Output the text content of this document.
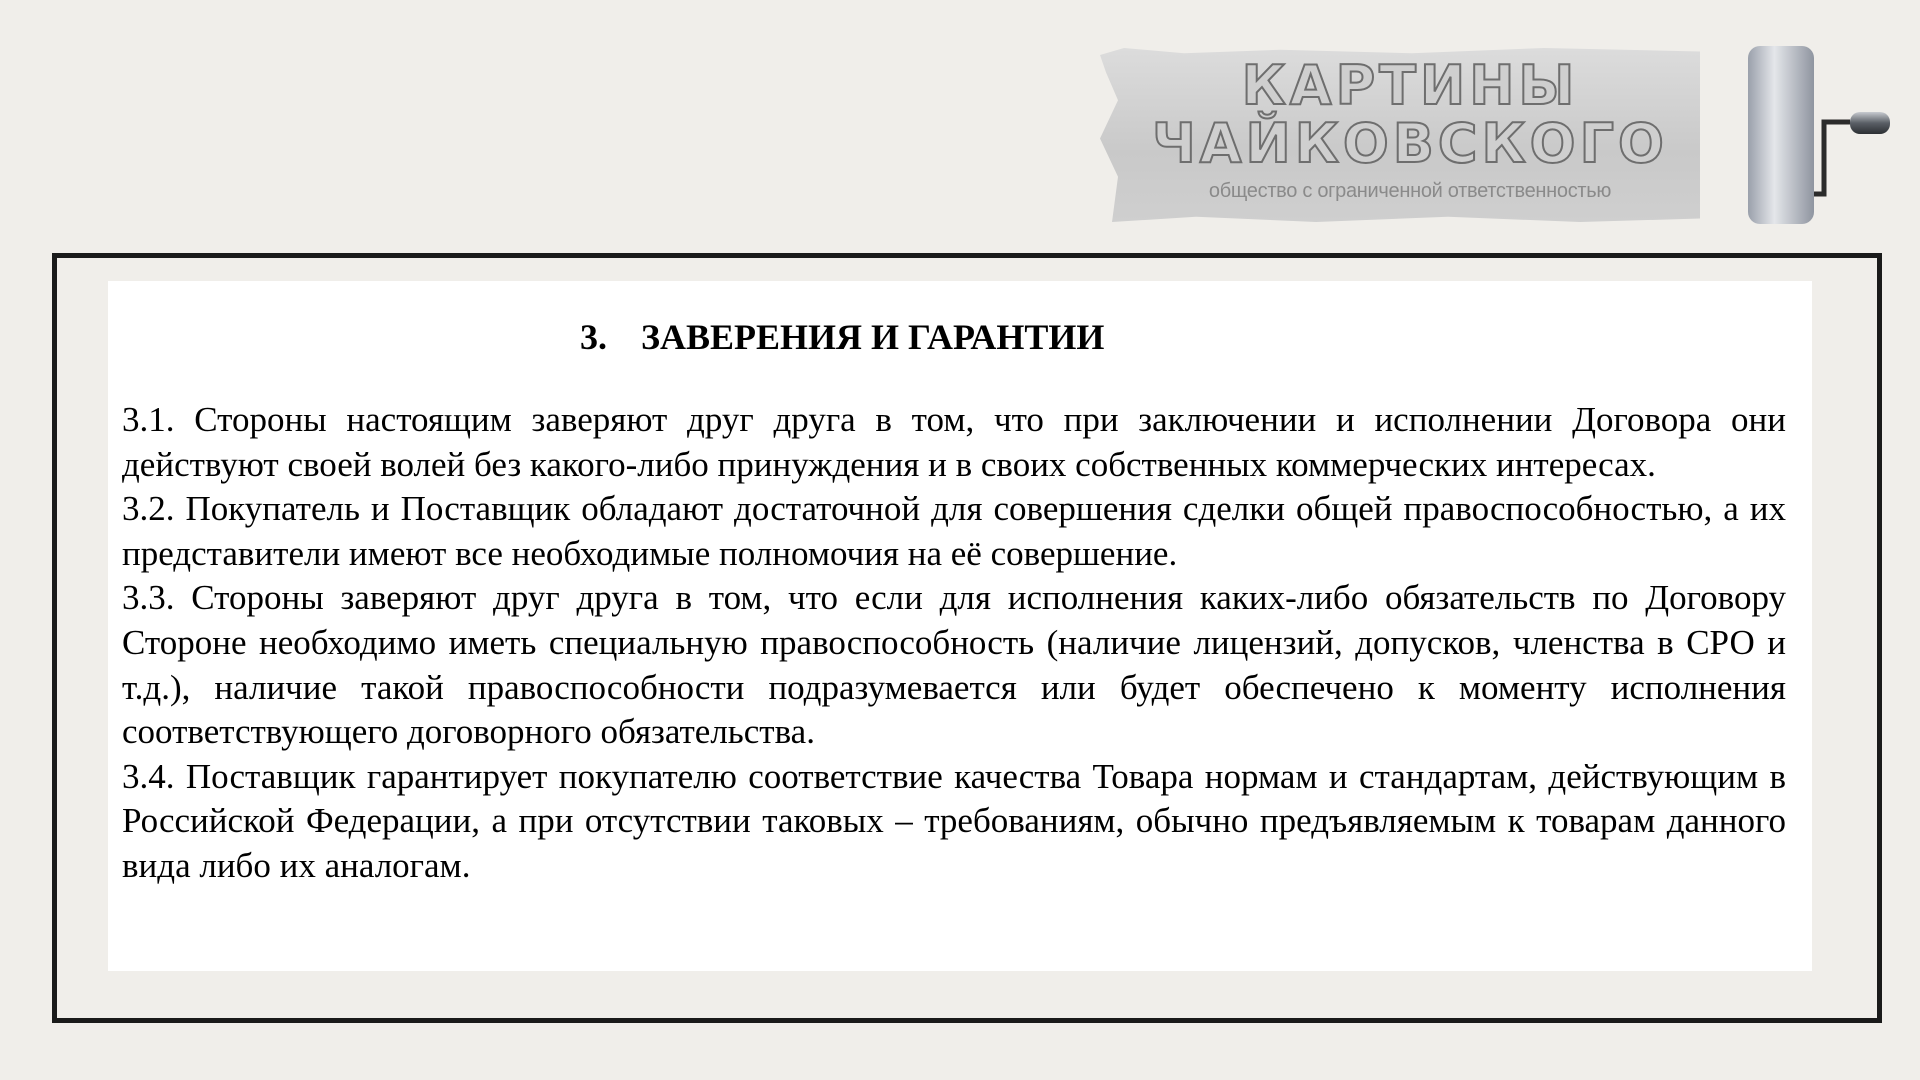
КАРТИНЫ
ЧАЙКОВСКОГО
общество с ограниченной ответственностью
3. ЗАВЕРЕНИЯ И ГАРАНТИИ

3.1. Стороны настоящим заверяют друг друга в том, что при заключении и исполнении Договора они действуют своей волей без какого-либо принуждения и в своих собственных коммерческих интересах.

3.2. Покупатель и Поставщик обладают достаточной для совершения сделки общей правоспособностью, а их представители имеют все необходимые полномочия на её совершение.

3.3. Стороны заверяют друг друга в том, что если для исполнения каких-либо обязательств по Договору Стороне необходимо иметь специальную правоспособность (наличие лицензий, допусков, членства в СРО и т.д.), наличие такой правоспособности подразумевается или будет обеспечено к моменту исполнения соответствующего договорного обязательства.

3.4. Поставщик гарантирует покупателю соответствие качества Товара нормам и стандартам, действующим в Российской Федерации, а при отсутствии таковых – требованиям, обычно предъявляемым к товарам данного вида либо их аналогам.
